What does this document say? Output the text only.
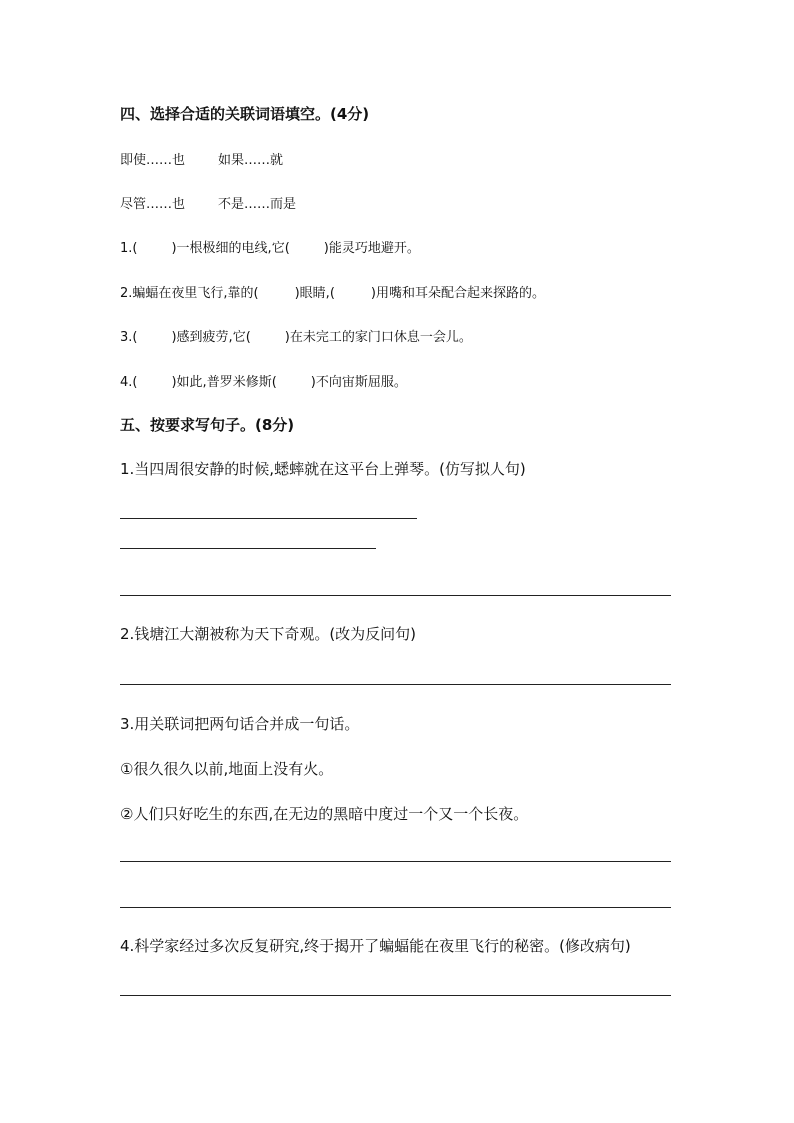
四、选择合适的关联词语填空。(4分)
即使……也	如果……就
尽管……也	不是……而是
1.(	)一根极细的电线,它(	)能灵巧地避开。
2.蝙蝠在夜里飞行,靠的(	)眼睛,(	)用嘴和耳朵配合起来探路的。
3.(	)感到疲劳,它(	)在未完工的家门口休息一会儿。
4.(	)如此,普罗米修斯(	)不向宙斯屈服。
五、按要求写句子。(8分)
1.当四周很安静的时候,蟋蟀就在这平台上弹琴。(仿写拟人句)
2.钱塘江大潮被称为天下奇观。(改为反问句)
3.用关联词把两句话合并成一句话。
①很久很久以前,地面上没有火。
②人们只好吃生的东西,在无边的黑暗中度过一个又一个长夜。
4.科学家经过多次反复研究,终于揭开了蝙蝠能在夜里飞行的秘密。(修改病句)
